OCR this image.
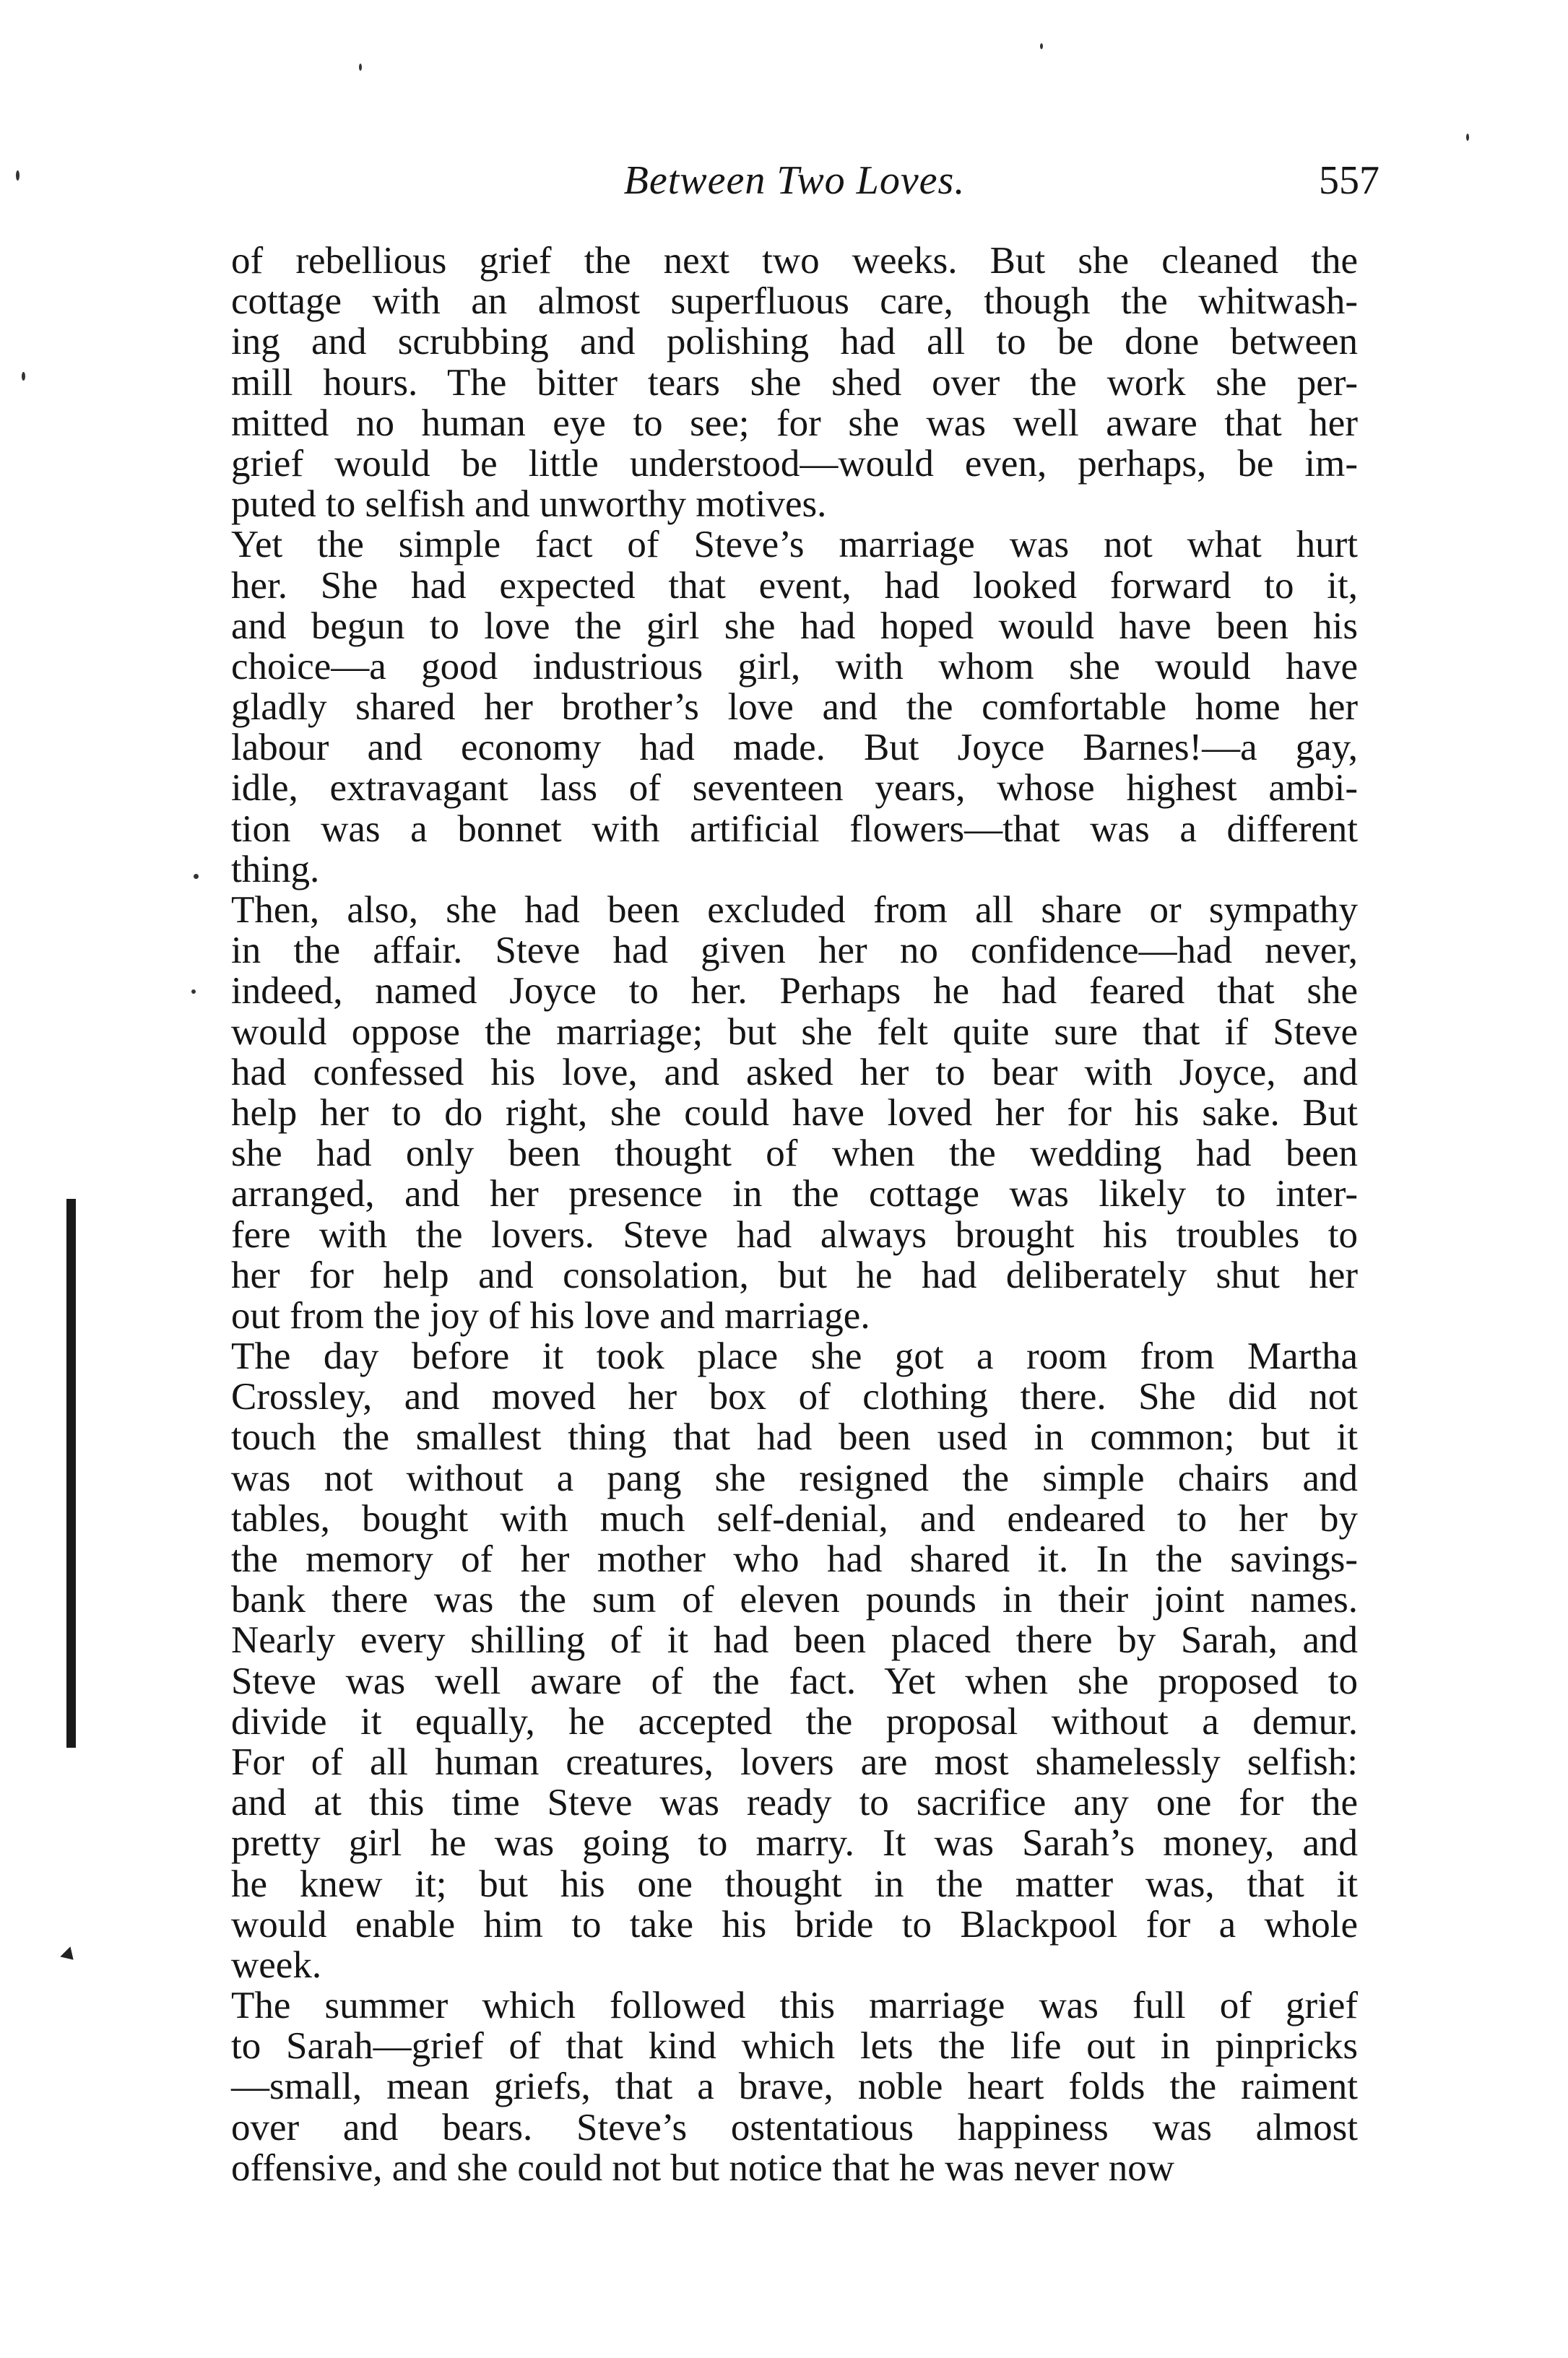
Between Two Loves.	557
of rebellious grief the next two weeks. But she cleaned the
cottage with an almost superfluous care, though the whitwash-
ing and scrubbing and polishing had all to be done between
mill hours. The bitter tears she shed over the work she per-
mitted no human eye to see; for she was well aware that her
grief would be little understood—would even, perhaps, be im-
puted to selfish and unworthy motives.
Yet the simple fact of Steve’s marriage was not what hurt
her. She had expected that event, had looked forward to it,
and begun to love the girl she had hoped would have been his
choice—a good industrious girl, with whom she would have
gladly shared her brother’s love and the comfortable home her
labour and economy had made. But Joyce Barnes!—a gay,
idle, extravagant lass of seventeen years, whose highest ambi-
tion was a bonnet with artificial flowers—that was a different
thing.
Then, also, she had been excluded from all share or sympathy
in the affair. Steve had given her no confidence—had never,
indeed, named Joyce to her. Perhaps he had feared that she
would oppose the marriage; but she felt quite sure that if Steve
had confessed his love, and asked her to bear with Joyce, and
help her to do right, she could have loved her for his sake. But
she had only been thought of when the wedding had been
arranged, and her presence in the cottage was likely to inter-
fere with the lovers. Steve had always brought his troubles to
her for help and consolation, but he had deliberately shut her
out from the joy of his love and marriage.
The day before it took place she got a room from Martha
Crossley, and moved her box of clothing there. She did not
touch the smallest thing that had been used in common; but it
was not without a pang she resigned the simple chairs and
tables, bought with much self-denial, and endeared to her by
the memory of her mother who had shared it. In the savings-
bank there was the sum of eleven pounds in their joint names.
Nearly every shilling of it had been placed there by Sarah, and
Steve was well aware of the fact. Yet when she proposed to
divide it equally, he accepted the proposal without a demur.
For of all human creatures, lovers are most shamelessly selfish:
and at this time Steve was ready to sacrifice any one for the
pretty girl he was going to marry. It was Sarah’s money, and
he knew it; but his one thought in the matter was, that it
would enable him to take his bride to Blackpool for a whole
week.
The summer which followed this marriage was full of grief
to Sarah—grief of that kind which lets the life out in pinpricks
—small, mean griefs, that a brave, noble heart folds the raiment
over and bears. Steve’s ostentatious happiness was almost
offensive, and she could not but notice that he was never now
